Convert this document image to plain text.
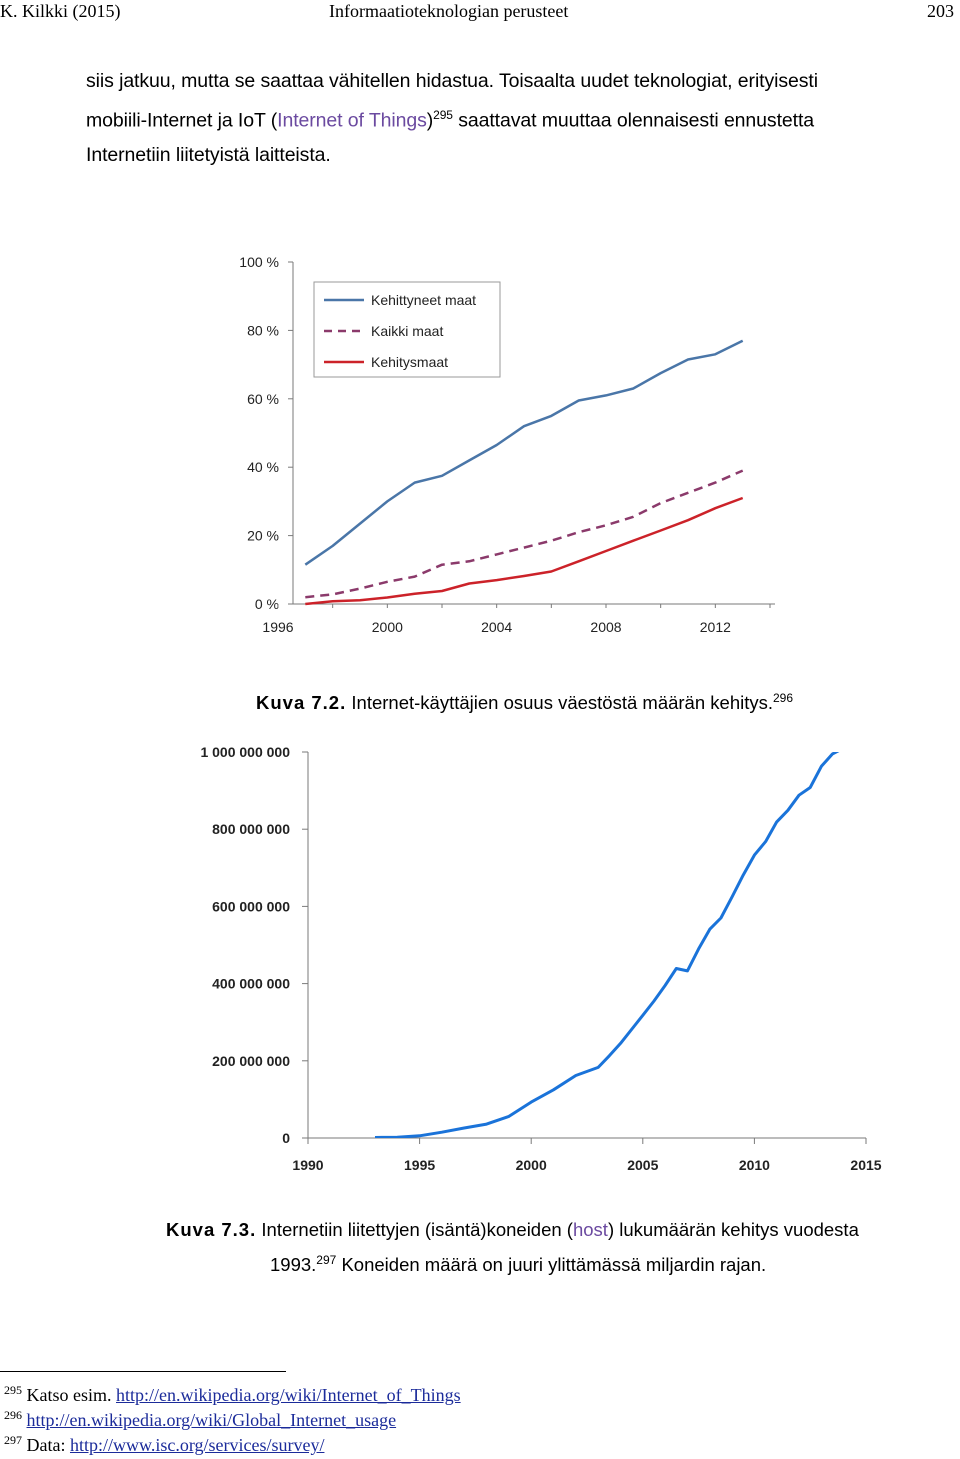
K. Kilkki (2015)	Informaatioteknologian perusteet	203
siis jatkuu, mutta se saattaa vähitellen hidastua. Toisaalta uudet teknologiat, erityisesti
mobiili-Internet ja IoT (Internet of Things)$^{295}$ saattavat muuttaa olennaisesti ennustetta
Internetiin liitetyistä laitteista.
0 %
20 %
40 %
60 %
80 %
100 %
1996	2000	2004	2008	2012
Kehittyneet maat
Kaikki maat
Kehitysmaat
Kuva 7.2. Internet-käyttäjien osuus väestöstä määrän kehitys.$^{296}$
0
200 000 000
400 000 000
600 000 000
800 000 000
1 000 000 000
1990	1995	2000	2005	2010	2015
Kuva 7.3. Internetiin liitettyjen (isäntä)koneiden (host) lukumäärän kehitys vuodesta
1993.$^{297}$ Koneiden määrä on juuri ylittämässä miljardin rajan.
$^{295}$ Katso esim. http://en.wikipedia.org/wiki/Internet_of_Things
$^{296}$ http://en.wikipedia.org/wiki/Global_Internet_usage
$^{297}$ Data: http://www.isc.org/services/survey/
